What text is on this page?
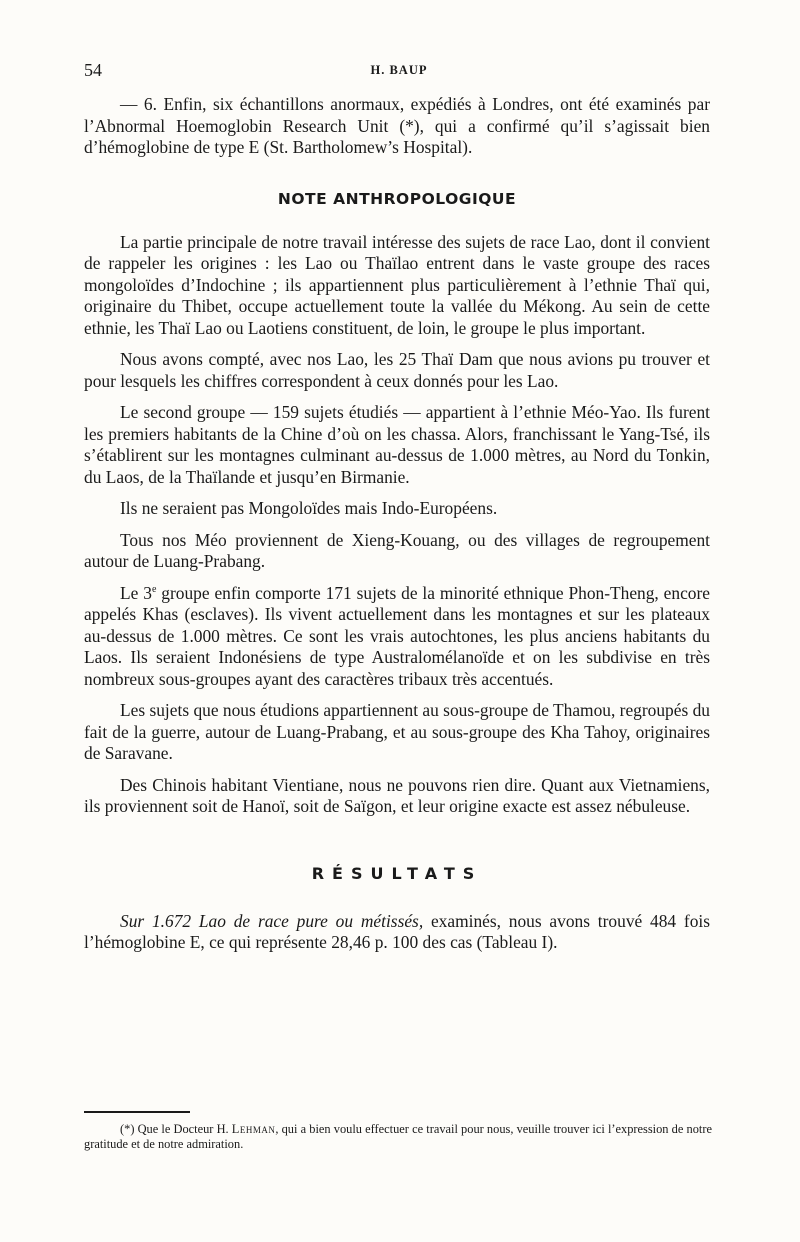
54	H. BAUP

— 6. Enfin, six échantillons anormaux, expédiés à Londres, ont été examinés par l’Abnormal Hoemoglobin Research Unit (*), qui a confirmé qu’il s’agissait bien d’hémoglobine de type E (St. Bartholomew’s Hospital).

NOTE ANTHROPOLOGIQUE

La partie principale de notre travail intéresse des sujets de race Lao, dont il convient de rappeler les origines : les Lao ou Thaïlao entrent dans le vaste groupe des races mongoloïdes d’Indochine ; ils appartiennent plus particulièrement à l’ethnie Thaï qui, originaire du Thibet, occupe actuellement toute la vallée du Mékong. Au sein de cette ethnie, les Thaï Lao ou Laotiens constituent, de loin, le groupe le plus important.

Nous avons compté, avec nos Lao, les 25 Thaï Dam que nous avions pu trouver et pour lesquels les chiffres correspondent à ceux donnés pour les Lao.

Le second groupe — 159 sujets étudiés — appartient à l’ethnie Méo-Yao. Ils furent les premiers habitants de la Chine d’où on les chassa. Alors, franchissant le Yang-Tsé, ils s’établirent sur les montagnes culminant au-dessus de 1.000 mètres, au Nord du Tonkin, du Laos, de la Thaïlande et jusqu’en Birmanie.

Ils ne seraient pas Mongoloïdes mais Indo-Européens.

Tous nos Méo proviennent de Xieng-Kouang, ou des villages de regroupement autour de Luang-Prabang.

Le 3e groupe enfin comporte 171 sujets de la minorité ethnique Phon-Theng, encore appelés Khas (esclaves). Ils vivent actuellement dans les montagnes et sur les plateaux au-dessus de 1.000 mètres. Ce sont les vrais autochtones, les plus anciens habitants du Laos. Ils seraient Indonésiens de type Australomélanoïde et on les subdivise en très nombreux sous-groupes ayant des caractères tribaux très accentués.

Les sujets que nous étudions appartiennent au sous-groupe de Thamou, regroupés du fait de la guerre, autour de Luang-Prabang, et au sous-groupe des Kha Tahoy, originaires de Saravane.

Des Chinois habitant Vientiane, nous ne pouvons rien dire. Quant aux Vietnamiens, ils proviennent soit de Hanoï, soit de Saïgon, et leur origine exacte est assez nébuleuse.

RÉSULTATS

Sur 1.672 Lao de race pure ou métissés, examinés, nous avons trouvé 484 fois l’hémoglobine E, ce qui représente 28,46 p. 100 des cas (Tableau I).

(*) Que le Docteur H. Lehman, qui a bien voulu effectuer ce travail pour nous, veuille trouver ici l’expression de notre gratitude et de notre admiration.
